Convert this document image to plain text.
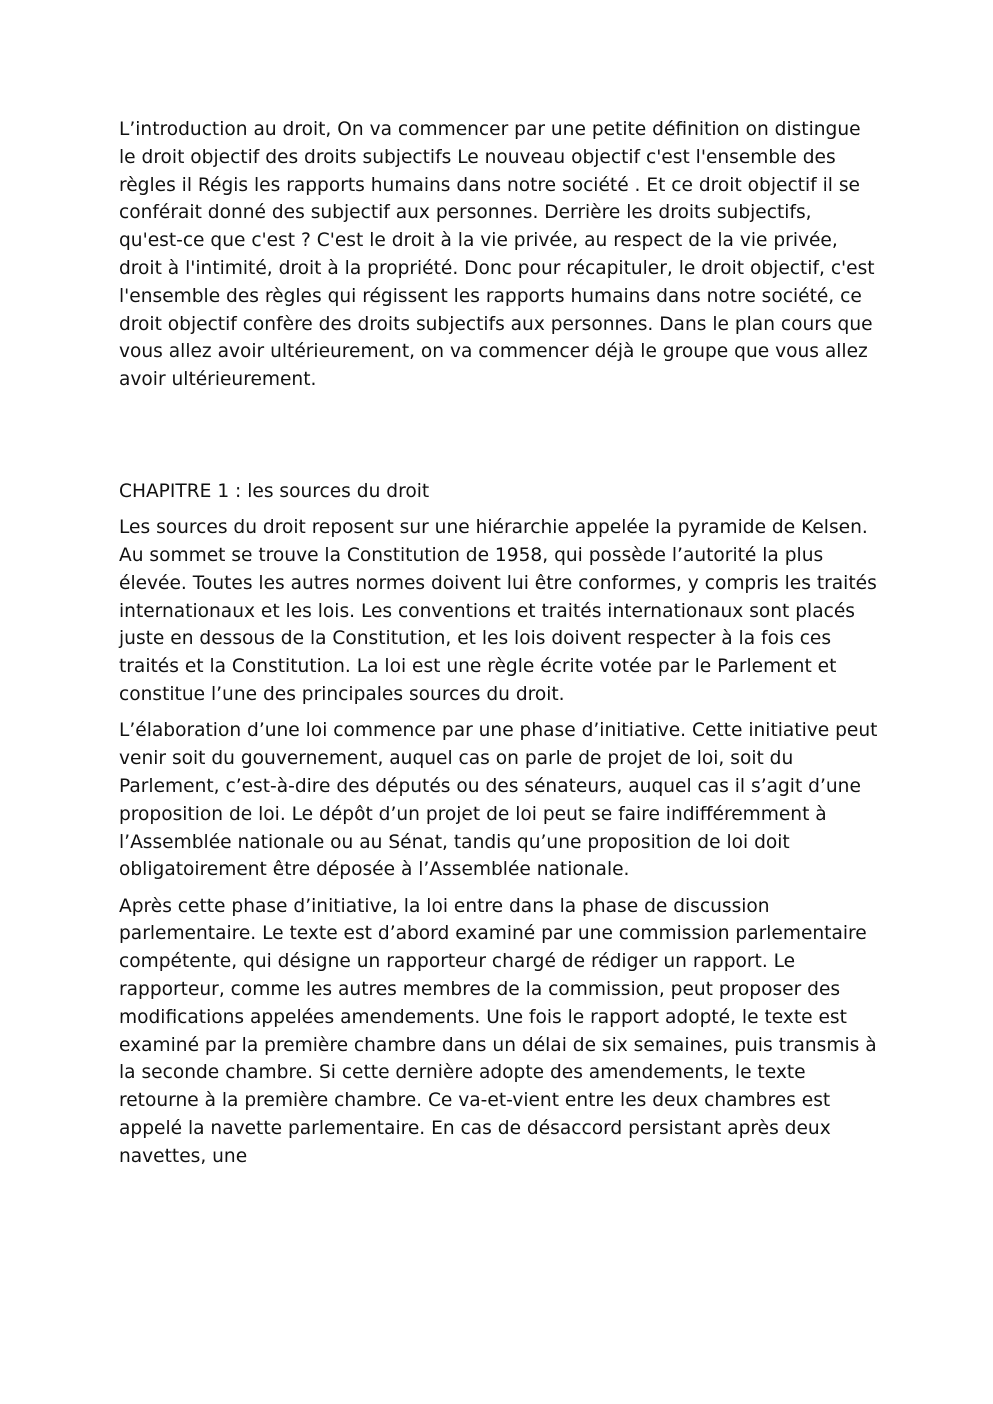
L’introduction au droit, On va commencer par une petite définition on distingue le droit objectif des droits subjectifs Le nouveau objectif c'est l'ensemble des règles il Régis les rapports humains dans notre société . Et ce droit objectif il se conférait donné des subjectif aux personnes. Derrière les droits subjectifs, qu'est-ce que c'est ? C'est le droit à la vie privée, au respect de la vie privée, droit à l'intimité, droit à la propriété. Donc pour récapituler, le droit objectif, c'est l'ensemble des règles qui régissent les rapports humains dans notre société, ce droit objectif confère des droits subjectifs aux personnes. Dans le plan cours que vous allez avoir ultérieurement, on va commencer déjà le groupe que vous allez avoir ultérieurement.

CHAPITRE 1 : les sources du droit

Les sources du droit reposent sur une hiérarchie appelée la pyramide de Kelsen. Au sommet se trouve la Constitution de 1958, qui possède l’autorité la plus élevée. Toutes les autres normes doivent lui être conformes, y compris les traités internationaux et les lois. Les conventions et traités internationaux sont placés juste en dessous de la Constitution, et les lois doivent respecter à la fois ces traités et la Constitution. La loi est une règle écrite votée par le Parlement et constitue l’une des principales sources du droit.

L’élaboration d’une loi commence par une phase d’initiative. Cette initiative peut venir soit du gouvernement, auquel cas on parle de projet de loi, soit du Parlement, c’est-à-dire des députés ou des sénateurs, auquel cas il s’agit d’une proposition de loi. Le dépôt d’un projet de loi peut se faire indifféremment à l’Assemblée nationale ou au Sénat, tandis qu’une proposition de loi doit obligatoirement être déposée à l’Assemblée nationale.

Après cette phase d’initiative, la loi entre dans la phase de discussion parlementaire. Le texte est d’abord examiné par une commission parlementaire compétente, qui désigne un rapporteur chargé de rédiger un rapport. Le rapporteur, comme les autres membres de la commission, peut proposer des modifications appelées amendements. Une fois le rapport adopté, le texte est examiné par la première chambre dans un délai de six semaines, puis transmis à la seconde chambre. Si cette dernière adopte des amendements, le texte retourne à la première chambre. Ce va-et-vient entre les deux chambres est appelé la navette parlementaire. En cas de désaccord persistant après deux navettes, une
